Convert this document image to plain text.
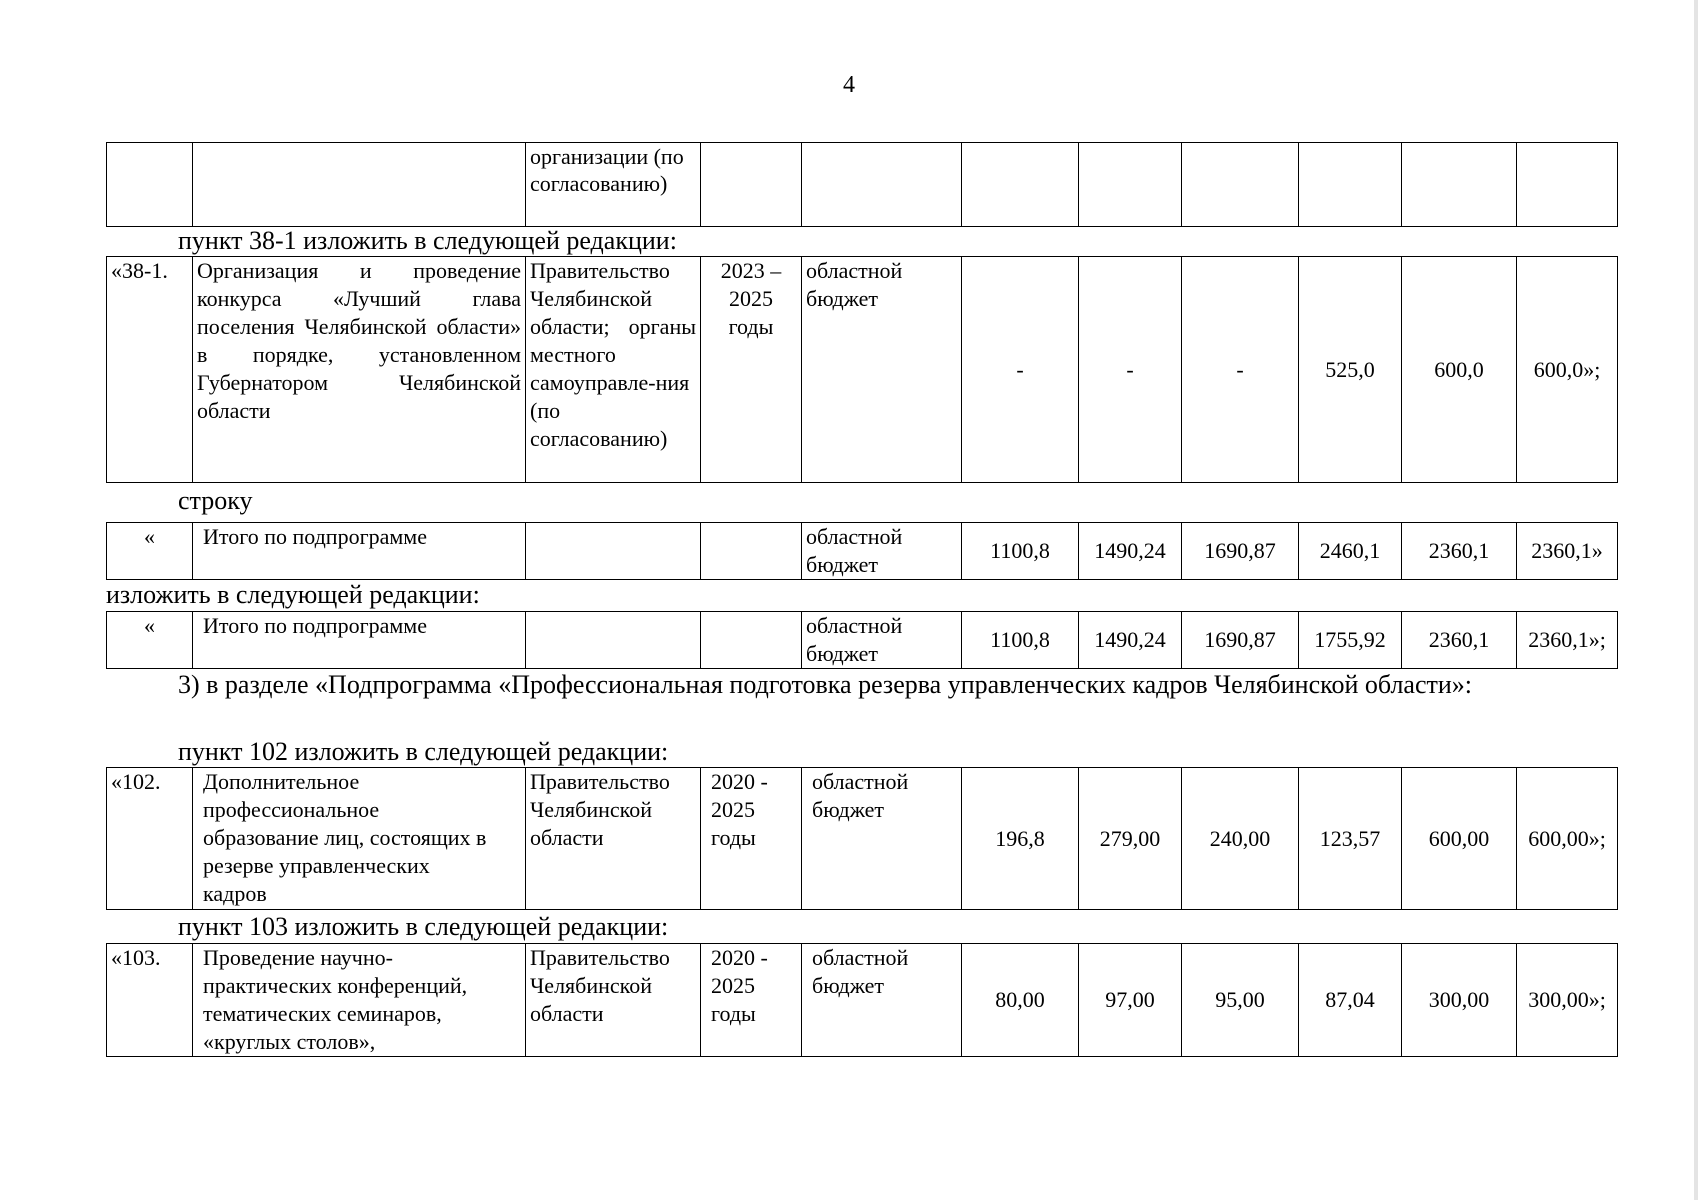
4
		организации (по согласованию)								
пункт 38-1 изложить в следующей редакции:
«38-1.	Организация и проведение конкурса «Лучший глава поселения Челябинской области» в порядке, установленном Губернатором Челябинской области	Правительство Челябинской области; органы местного самоуправле-ния (по согласованию)	2023 – 2025 годы	областной бюджет	-	-	-	525,0	600,0	600,0»;
строку
«	Итого по подпрограмме			областной бюджет	1100,8	1490,24	1690,87	2460,1	2360,1	2360,1»
изложить в следующей редакции:
«	Итого по подпрограмме			областной бюджет	1100,8	1490,24	1690,87	1755,92	2360,1	2360,1»;
3) в разделе «Подпрограмма «Профессиональная подготовка резерва управленческих кадров Челябинской области»:
пункт 102 изложить в следующей редакции:
«102.	Дополнительное профессиональное образование лиц, состоящих в резерве управленческих кадров	Правительство Челябинской области	2020 - 2025 годы	областной бюджет	196,8	279,00	240,00	123,57	600,00	600,00»;
пункт 103 изложить в следующей редакции:
«103.	Проведение научно-практических конференций, тематических семинаров, «круглых столов»,	Правительство Челябинской области	2020 - 2025 годы	областной бюджет	80,00	97,00	95,00	87,04	300,00	300,00»;
